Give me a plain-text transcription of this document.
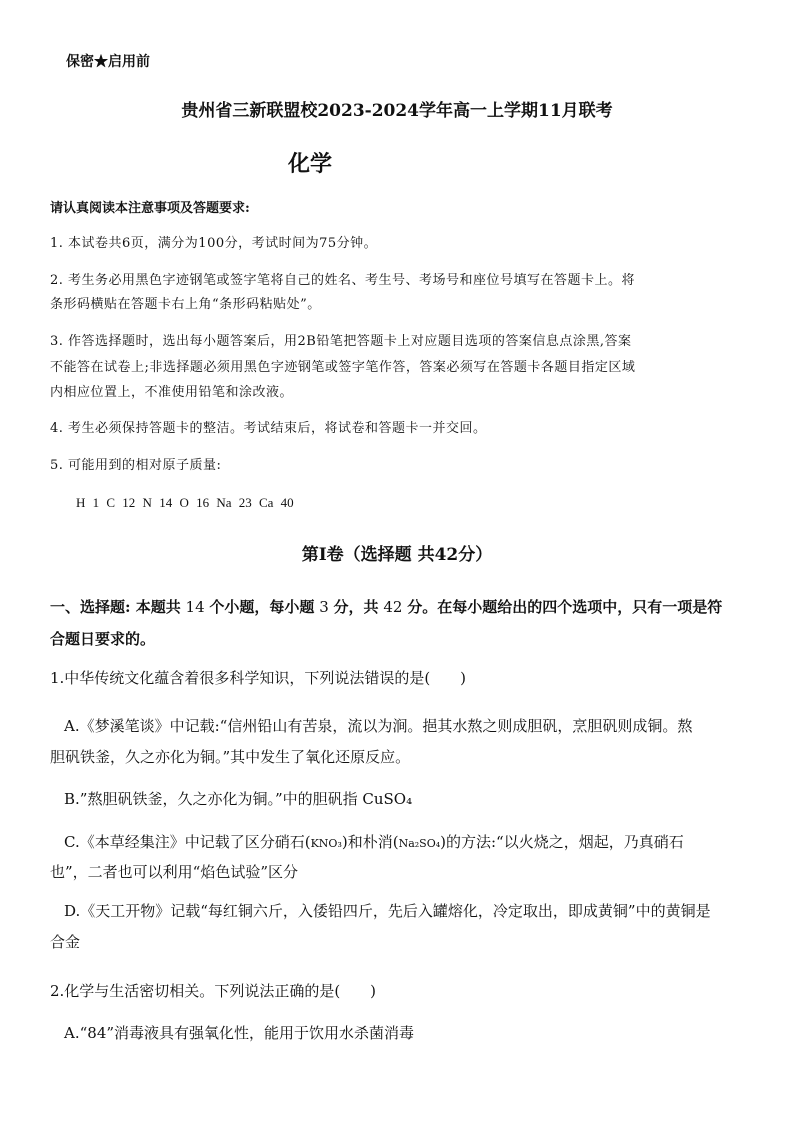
保密★启用前
贵州省三新联盟校2023-2024学年高一上学期11月联考
化学
请认真阅读本注意事项及答题要求:
1. 本试卷共6页，满分为100分，考试时间为75分钟。
2. 考生务必用黑色字迹钢笔或签字笔将自己的姓名、考生号、考场号和座位号填写在答题卡上。将
条形码横贴在答题卡右上角“条形码粘贴处”。
3. 作答选择题时，选出每小题答案后，用2B铅笔把答题卡上对应题目选项的答案信息点涂黑,答案
不能答在试卷上;非选择题必须用黑色字迹钢笔或签字笔作答，答案必须写在答题卡各题目指定区域
内相应位置上，不准使用铅笔和涂改液。
4. 考生必须保持答题卡的整洁。考试结束后，将试卷和答题卡一并交回。
5. 可能用到的相对原子质量:
H 1 C 12 N 14 O 16 Na 23 Ca 40
第I卷（选择题 共42分）
一、选择题: 本题共 14 个小题，每小题 3 分，共 42 分。在每小题给出的四个选项中，只有一项是符
合题日要求的。
1.中华传统文化蕴含着很多科学知识，下列说法错误的是(　　)
A.《梦溪笔谈》中记载:“信州铅山有苦泉，流以为涧。挹其水熬之则成胆矾，烹胆矾则成铜。熬
胆矾铁釜，久之亦化为铜。”其中发生了氧化还原反应。
B.”熬胆矾铁釜，久之亦化为铜。”中的胆矾指 CuSO₄
C.《本草经集注》中记载了区分硝石(KNO₃)和朴消(Na₂SO₄)的方法:“以火烧之，烟起，乃真硝石
也”，二者也可以利用“焰色试验”区分
D.《天工开物》记载“每红铜六斤，入倭铅四斤，先后入罐熔化，冷定取出，即成黄铜”中的黄铜是
合金
2.化学与生活密切相关。下列说法正确的是(　　)
A.“84”消毒液具有强氧化性，能用于饮用水杀菌消毒
